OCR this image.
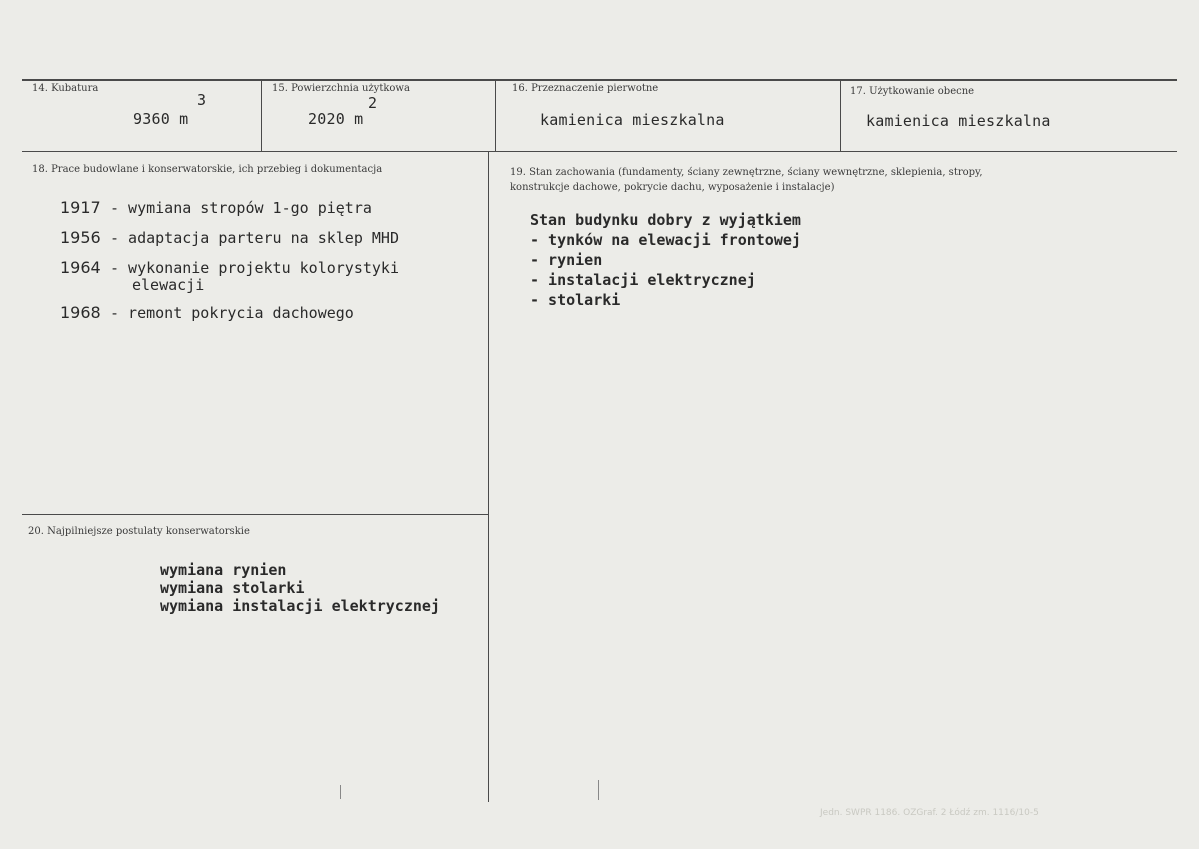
14. Kubatura
9360 m
3
15. Powierzchnia użytkowa
2020 m
2
16. Przeznaczenie pierwotne
kamienica mieszkalna
17. Użytkowanie obecne
kamienica mieszkalna
18. Prace budowlane i konserwatorskie, ich przebieg i dokumentacja
1917 - wymiana stropów 1-go piętra
1956 - adaptacja parteru na sklep MHD
1964 - wykonanie projektu kolorystyki
elewacji
1968 - remont pokrycia dachowego
19. Stan zachowania (fundamenty, ściany zewnętrzne, ściany wewnętrzne, sklepienia, stropy,
konstrukcje dachowe, pokrycie dachu, wyposażenie i instalacje)
Stan budynku dobry z wyjątkiem
- tynków na elewacji frontowej
- rynien
- instalacji elektrycznej
- stolarki
20. Najpilniejsze postulaty konserwatorskie
wymiana rynien
wymiana stolarki
wymiana instalacji elektrycznej
Jedn. SWPR 1186. OZGraf. 2 Łódź zm. 1116/10-5
